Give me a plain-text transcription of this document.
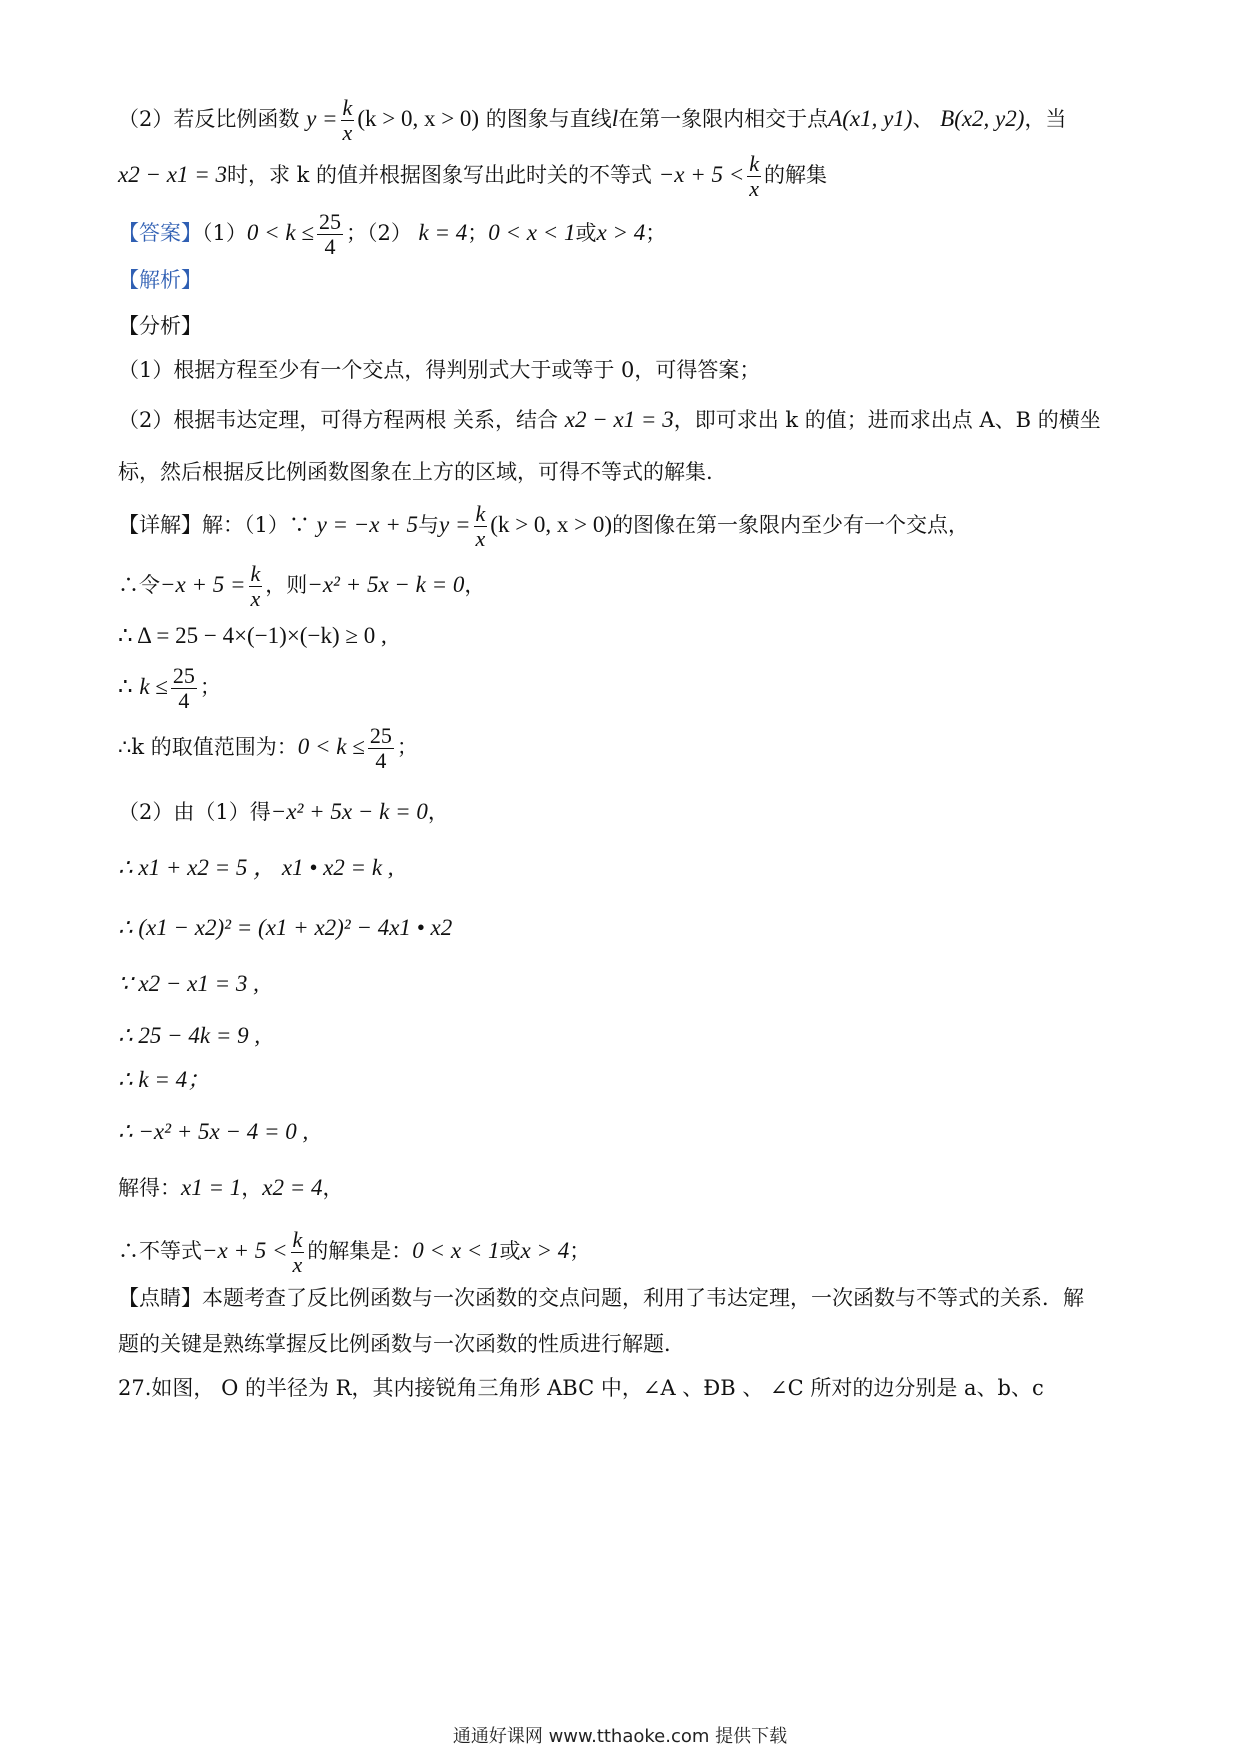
（2）若反比例函数 $y = \frac{k}{x} (k > 0$, x > 0) 的图象与直线l在第一象限内相交于点A(x1, y1)、 B(x2, y2)，当
x2 − x1 = 3时，求 k 的值并根据图象写出此时关的不等式 $-x + 5 < \frac{k}{x}$ 的解集
【答案】$(1)0 < k \le \frac{25}{4}$ ；（2） k = 4；0 < x < 1或x > 4；
【解析】
【分析】
（1）根据方程至少有一个交点，得判别式大于或等于 0，可得答案；
（2）根据韦达定理，可得方程两根 关系，结合 x2 − x1 = 3，即可求出 k 的值；进而求出点 A、B 的横坐
标，然后根据反比例函数图象在上方的区域，可得不等式的解集.
【详解】解：（1）∵ y = −x + 5与$y = \frac{k}{x} (k > 0$, x > 0)的图像在第一象限内至少有一个交点，
∴令$-x + 5 = \frac{k}{x}$ ，则−x² + 5x − k = 0，
∴ Δ = 25 − 4×(−1)×(−k) ≥ 0 ,
∴ $k \le \frac{25}{4}$ ；
∴k 的取值范围为：$0 < k \le \frac{25}{4}$ ；
（2）由（1）得−x² + 5x − k = 0，
∴ x1 + x2 = 5 ， x1 • x2 = k ,
∴ (x1 − x2)² = (x1 + x2)² − 4x1 • x2
∵ x2 − x1 = 3 ,
∴ 25 − 4k = 9 ,
∴ k = 4；
∴ −x² + 5x − 4 = 0 ,
解得：x1 = 1，x2 = 4，
∴不等式$-x + 5 < \frac{k}{x}$ 的解集是：0 < x < 1或x > 4；
【点睛】本题考查了反比例函数与一次函数的交点问题，利用了韦达定理，一次函数与不等式的关系．解
题的关键是熟练掌握反比例函数与一次函数的性质进行解题．
27.如图， O 的半径为 R，其内接锐角三角形 ABC 中，∠A 、ÐB 、 ∠C 所对的边分别是 a、b、c
通通好课网 www.tthaoke.com 提供下载
